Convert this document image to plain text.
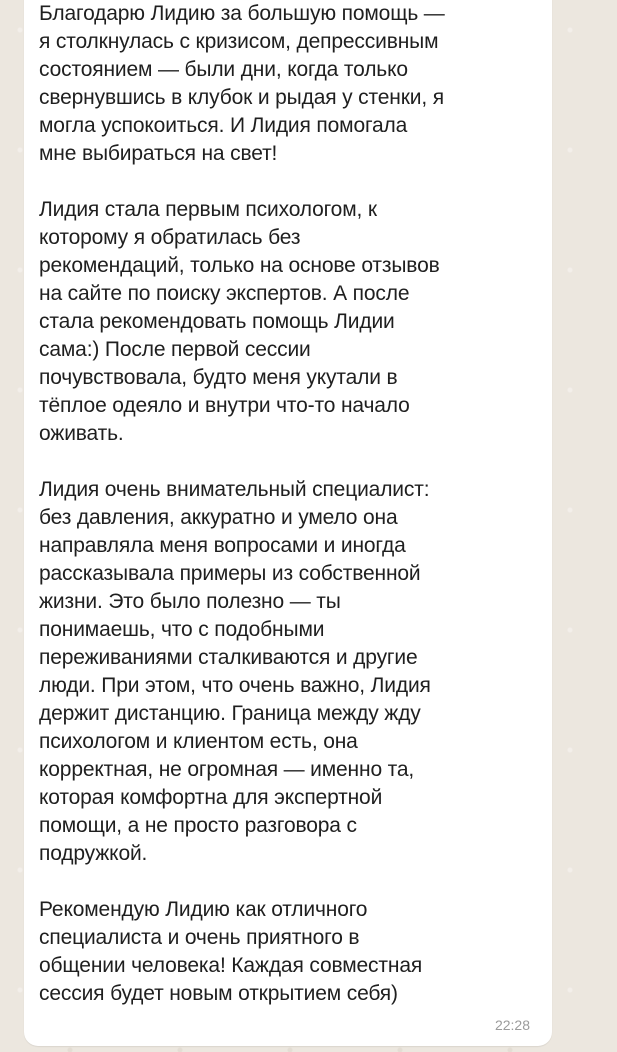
Благодарю Лидию за большую помощь —
я столкнулась с кризисом, депрессивным
состоянием — были дни, когда только
свернувшись в клубок и рыдая у стенки, я
могла успокоиться. И Лидия помогала
мне выбираться на свет!

Лидия стала первым психологом, к
которому я обратилась без
рекомендаций, только на основе отзывов
на сайте по поиску экспертов. А после
стала рекомендовать помощь Лидии
сама:) После первой сессии
почувствовала, будто меня укутали в
тёплое одеяло и внутри что-то начало
оживать.

Лидия очень внимательный специалист:
без давления, аккуратно и умело она
направляла меня вопросами и иногда
рассказывала примеры из собственной
жизни. Это было полезно — ты
понимаешь, что с подобными
переживаниями сталкиваются и другие
люди. При этом, что очень важно, Лидия
держит дистанцию. Граница между жду
психологом и клиентом есть, она
корректная, не огромная — именно та,
которая комфортна для экспертной
помощи, а не просто разговора с
подружкой.

Рекомендую Лидию как отличного
специалиста и очень приятного в
общении человека! Каждая совместная
сессия будет новым открытием себя)

22:28
